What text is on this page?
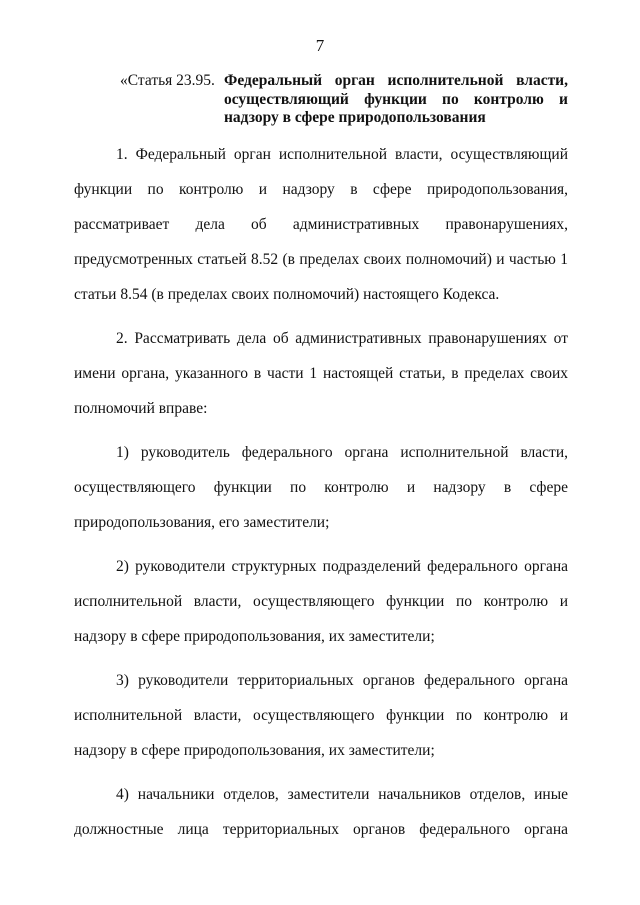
7
«Статья 23.95. Федеральный орган исполнительной власти, осуществляющий функции по контролю и надзору в сфере природопользования

1. Федеральный орган исполнительной власти, осуществляющий функции по контролю и надзору в сфере природопользования, рассматривает дела об административных правонарушениях, предусмотренных статьей 8.52 (в пределах своих полномочий) и частью 1 статьи 8.54 (в пределах своих полномочий) настоящего Кодекса.

2. Рассматривать дела об административных правонарушениях от имени органа, указанного в части 1 настоящей статьи, в пределах своих полномочий вправе:

1) руководитель федерального органа исполнительной власти, осуществляющего функции по контролю и надзору в сфере природопользования, его заместители;

2) руководители структурных подразделений федерального органа исполнительной власти, осуществляющего функции по контролю и надзору в сфере природопользования, их заместители;

3) руководители территориальных органов федерального органа исполнительной власти, осуществляющего функции по контролю и надзору в сфере природопользования, их заместители;

4) начальники отделов, заместители начальников отделов, иные должностные лица территориальных органов федерального органа
